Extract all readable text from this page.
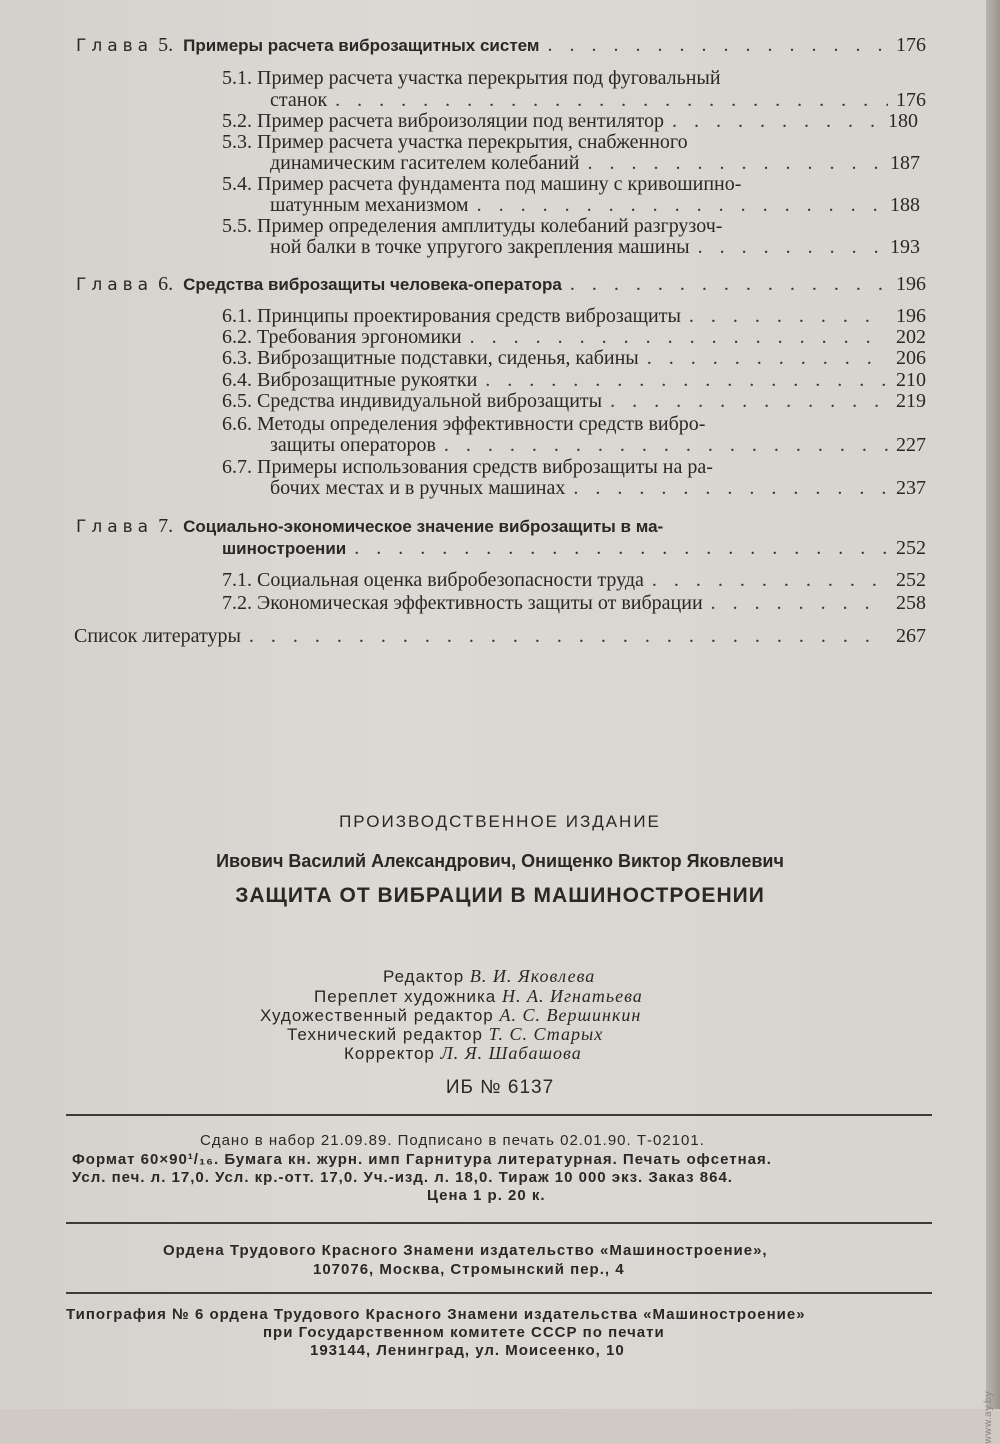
Глава 5. Примеры расчета виброзащитных систем . . .	176
5.1.
Пример расчета участка перекрытия под фуговальный
станок . . .	176
5.2.
Пример расчета виброизоляции под вентилятор . . .	180
5.3.
Пример расчета участка перекрытия, снабженного
динамическим гасителем колебаний . . .	187
5.4.
Пример расчета фундамента под машину с кривошипно-
шатунным механизмом . . .	188
5.5.
Пример определения амплитуды колебаний разгрузоч-
ной балки в точке упругого закрепления машины . . .	193
Глава 6. Средства виброзащиты человека-оператора . . .	196
6.1.
Принципы проектирования средств виброзащиты . . .	196
6.2.
Требования эргономики . . .	202
6.3.
Виброзащитные подставки, сиденья, кабины . . .	206
6.4.
Виброзащитные рукоятки . . .	210
6.5.
Средства индивидуальной виброзащиты . . .	219
6.6.
Методы определения эффективности средств вибро-
защиты операторов . . .	227
6.7.
Примеры использования средств виброзащиты на ра-
бочих местах и в ручных машинах . . .	237
Глава 7. Социально-экономическое значение виброзащиты в ма-
шиностроении . . .	252
7.1.
Социальная оценка вибробезопасности труда . . .	252
7.2.
Экономическая эффективность защиты от вибрации . . .	258
Список литературы . . .	267
ПРОИЗВОДСТВЕННОЕ ИЗДАНИЕ
Ивович Василий Александрович, Онищенко Виктор Яковлевич
ЗАЩИТА ОТ ВИБРАЦИИ В МАШИНОСТРОЕНИИ
Редактор В. И. Яковлева
Переплет художника Н. А. Игнатьева
Художественный редактор А. С. Вершинкин
Технический редактор Т. С. Старых
Корректор Л. Я. Шабашова
ИБ № 6137
Сдано в набор 21.09.89. Подписано в печать 02.01.90. Т-02101.
Формат 60×90¹/₁₆. Бумага кн. журн. имп Гарнитура литературная. Печать офсетная.
Усл. печ. л. 17,0. Усл. кр.-отт. 17,0. Уч.-изд. л. 18,0. Тираж 10 000 экз. Заказ 864.
Цена 1 р. 20 к.
Ордена Трудового Красного Знамени издательство «Машиностроение»,
107076, Москва, Стромынский пер., 4
Типография № 6 ордена Трудового Красного Знамени издательства «Машиностроение»
при Государственном комитете СССР по печати
193144, Ленинград, ул. Моисеенко, 10
www.ay.by
